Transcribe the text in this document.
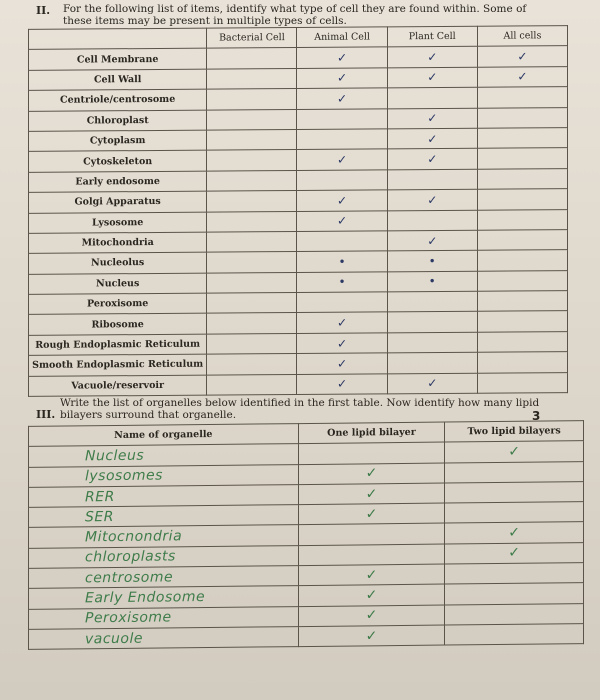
II. For the following list of items, identify what type of cell they are found within. Some of these items may be present in multiple types of cells.
	Bacterial Cell	Animal Cell	Plant Cell	All cells
Cell Membrane		✓	✓	✓
Cell Wall		✓	✓	✓
Centriole/centrosome		✓		
Chloroplast			✓	
Cytoplasm			✓	
Cytoskeleton		✓	✓	
Early endosome				
Golgi Apparatus		✓	✓	
Lysosome		✓		
Mitochondria			✓	
Nucleolus		•	•	
Nucleus		•	•	
Peroxisome				
Ribosome		✓		
Rough Endoplasmic Reticulum		✓		
Smooth Endoplasmic Reticulum		✓		
Vacuole/reservoir		✓	✓	
III.
Write the list of organelles below identified in the first table. Now identify how many lipid bilayers surround that organelle.	3
Name of organelle	One lipid bilayer	Two lipid bilayers
Nucleus		✓
lysosomes	✓	
RER	✓	
SER	✓	
Mitocnondria		✓
chloroplasts		✓
centrosome	✓	
Early Endosome	✓	
Peroxisome	✓	
vacuole	✓	
